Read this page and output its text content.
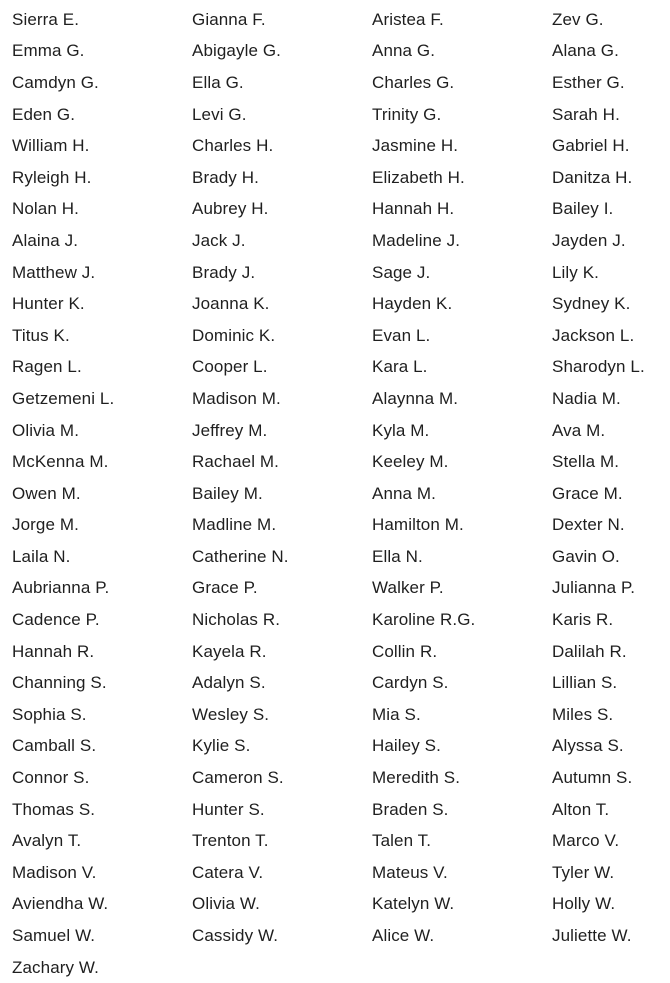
Sierra E.	Gianna F.	Aristea F.	Zev G.
Emma G.	Abigayle G.	Anna G.	Alana G.
Camdyn G.	Ella G.	Charles G.	Esther G.
Eden G.	Levi G.	Trinity G.	Sarah H.
William H.	Charles H.	Jasmine H.	Gabriel H.
Ryleigh H.	Brady H.	Elizabeth H.	Danitza H.
Nolan H.	Aubrey H.	Hannah H.	Bailey I.
Alaina J.	Jack J.	Madeline J.	Jayden J.
Matthew J.	Brady J.	Sage J.	Lily K.
Hunter K.	Joanna K.	Hayden K.	Sydney K.
Titus K.	Dominic K.	Evan L.	Jackson L.
Ragen L.	Cooper L.	Kara L.	Sharodyn L.
Getzemeni L.	Madison M.	Alaynna M.	Nadia M.
Olivia M.	Jeffrey M.	Kyla M.	Ava M.
McKenna M.	Rachael M.	Keeley M.	Stella M.
Owen M.	Bailey M.	Anna M.	Grace M.
Jorge M.	Madline M.	Hamilton M.	Dexter N.
Laila N.	Catherine N.	Ella N.	Gavin O.
Aubrianna P.	Grace P.	Walker P.	Julianna P.
Cadence P.	Nicholas R.	Karoline R.G.	Karis R.
Hannah R.	Kayela R.	Collin R.	Dalilah R.
Channing S.	Adalyn S.	Cardyn S.	Lillian S.
Sophia S.	Wesley S.	Mia S.	Miles S.
Camball S.	Kylie S.	Hailey S.	Alyssa S.
Connor S.	Cameron S.	Meredith S.	Autumn S.
Thomas S.	Hunter S.	Braden S.	Alton T.
Avalyn T.	Trenton T.	Talen T.	Marco V.
Madison V.	Catera V.	Mateus V.	Tyler W.
Aviendha W.	Olivia W.	Katelyn W.	Holly W.
Samuel W.	Cassidy W.	Alice W.	Juliette W.
Zachary W.
